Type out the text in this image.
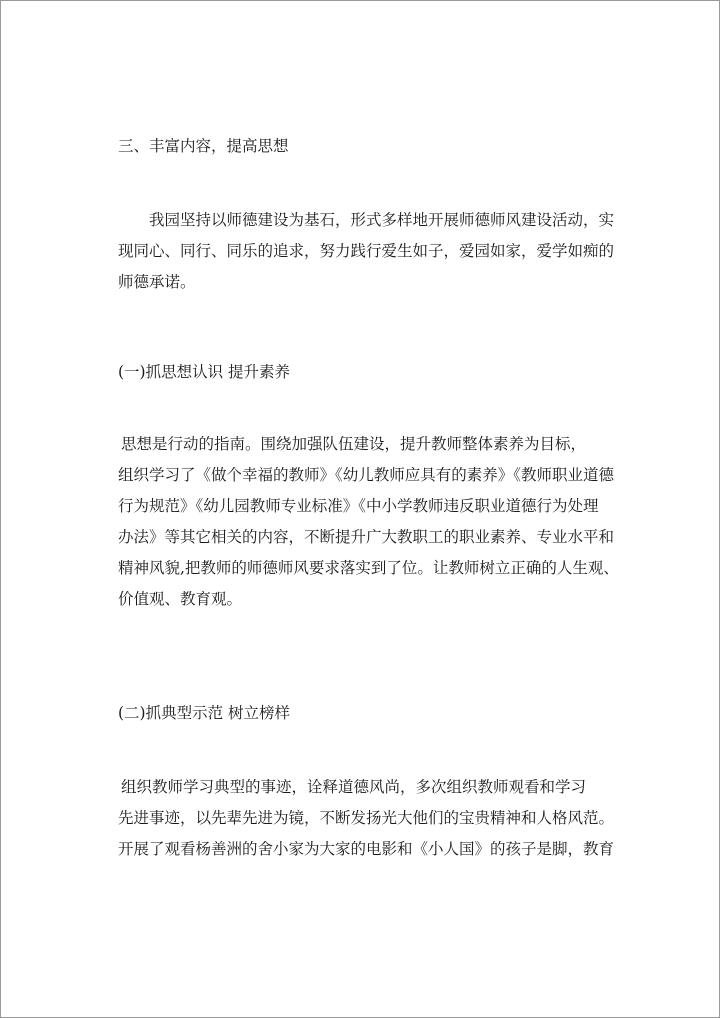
三、丰富内容，提高思想
我园坚持以师德建设为基石，形式多样地开展师德师风建设活动，实
现同心、同行、同乐的追求，努力践行爱生如子，爱园如家，爱学如痴的
师德承诺。
(一)抓思想认识 提升素养
思想是行动的指南。围绕加强队伍建设，提升教师整体素养为目标，
组织学习了《做个幸福的教师》《幼儿教师应具有的素养》《教师职业道德
行为规范》《幼儿园教师专业标准》《中小学教师违反职业道德行为处理
办法》等其它相关的内容，不断提升广大教职工的职业素养、专业水平和
精神风貌,把教师的师德师风要求落实到了位。让教师树立正确的人生观、
价值观、教育观。
(二)抓典型示范 树立榜样
组织教师学习典型的事迹，诠释道德风尚，多次组织教师观看和学习
先进事迹，以先辈先进为镜，不断发扬光大他们的宝贵精神和人格风范。
开展了观看杨善洲的舍小家为大家的电影和《小人国》的孩子是脚，教育
